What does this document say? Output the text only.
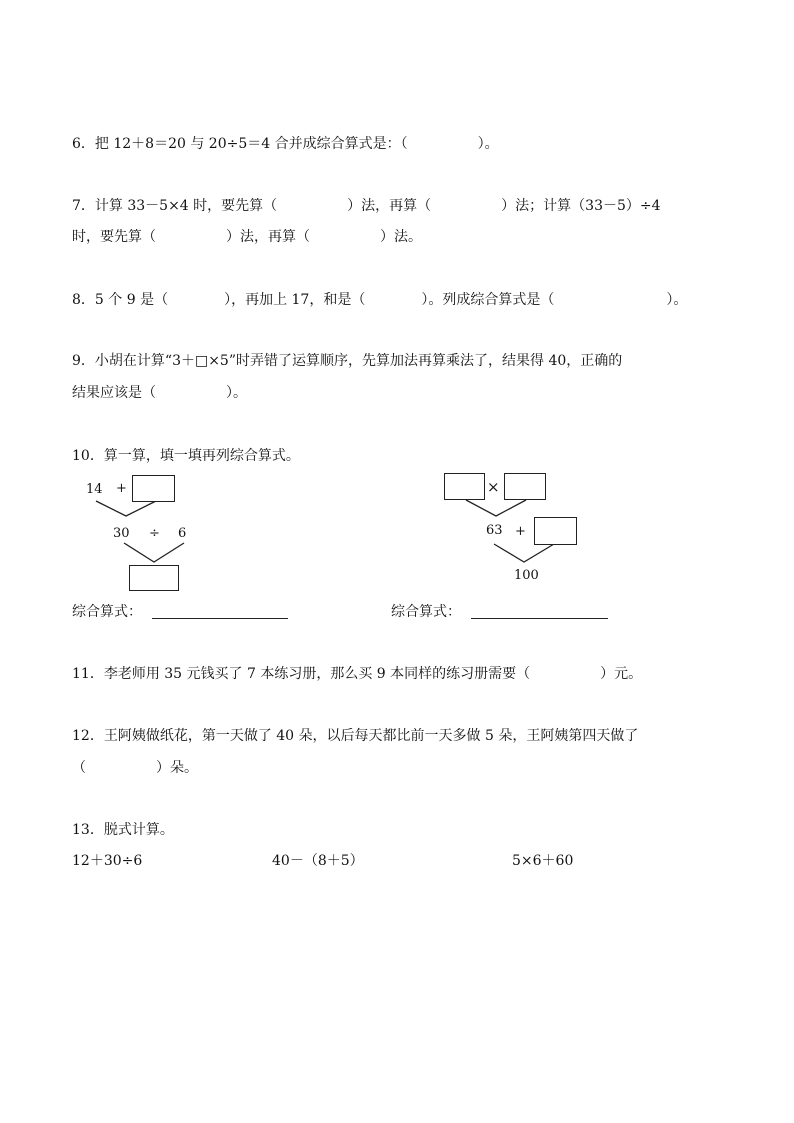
6．把 12＋8＝20 与 20÷5＝4 合并成综合算式是：（　　　　　）。
7．计算 33－5×4 时，要先算（　　　　　）法，再算（　　　　　）法；计算（33－5）÷4
时，要先算（　　　　　）法，再算（　　　　　）法。
8．5 个 9 是（　　　　），再加上 17，和是（　　　　）。列成综合算式是（　　　　　　　　）。
9．小胡在计算“3＋□×5”时弄错了运算顺序，先算加法再算乘法了，结果得 40，正确的
结果应该是（　　　　　）。
10．算一算，填一填再列综合算式。
14 +
30 ÷ 6
×
63 +
100
综合算式：	综合算式：
11．李老师用 35 元钱买了 7 本练习册，那么买 9 本同样的练习册需要（　　　　　）元。
12．王阿姨做纸花，第一天做了 40 朵，以后每天都比前一天多做 5 朵，王阿姨第四天做了
（　　　　　）朵。
13．脱式计算。
12＋30÷6	40－（8＋5）	5×6＋60
